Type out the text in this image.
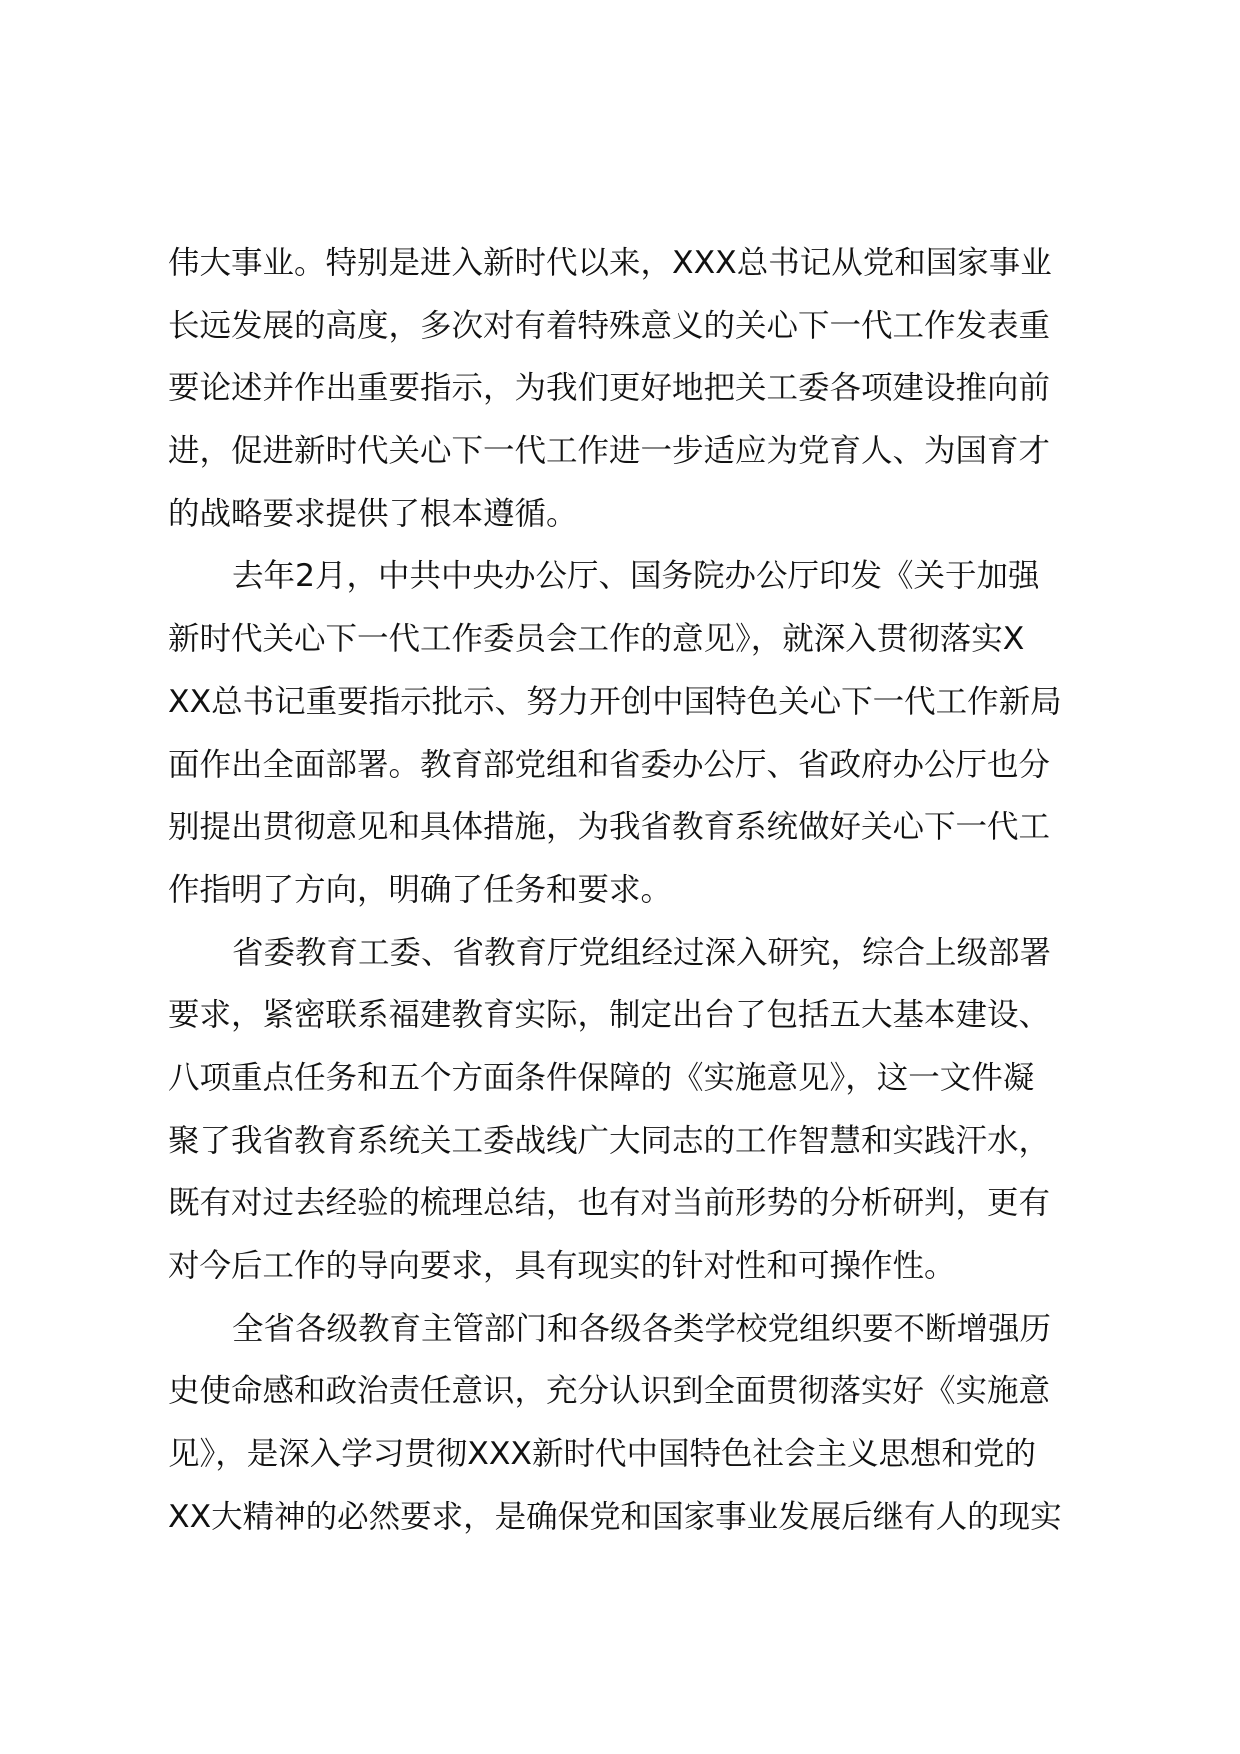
伟大事业。特别是进入新时代以来，XXX总书记从党和国家事业
长远发展的高度，多次对有着特殊意义的关心下一代工作发表重
要论述并作出重要指示，为我们更好地把关工委各项建设推向前
进，促进新时代关心下一代工作进一步适应为党育人、为国育才
的战略要求提供了根本遵循。
去年2月，中共中央办公厅、国务院办公厅印发《关于加强
新时代关心下一代工作委员会工作的意见》，就深入贯彻落实X
XX总书记重要指示批示、努力开创中国特色关心下一代工作新局
面作出全面部署。教育部党组和省委办公厅、省政府办公厅也分
别提出贯彻意见和具体措施，为我省教育系统做好关心下一代工
作指明了方向，明确了任务和要求。
省委教育工委、省教育厅党组经过深入研究，综合上级部署
要求，紧密联系福建教育实际，制定出台了包括五大基本建设、
八项重点任务和五个方面条件保障的《实施意见》，这一文件凝
聚了我省教育系统关工委战线广大同志的工作智慧和实践汗水，
既有对过去经验的梳理总结，也有对当前形势的分析研判，更有
对今后工作的导向要求，具有现实的针对性和可操作性。
全省各级教育主管部门和各级各类学校党组织要不断增强历
史使命感和政治责任意识，充分认识到全面贯彻落实好《实施意
见》，是深入学习贯彻XXX新时代中国特色社会主义思想和党的
XX大精神的必然要求，是确保党和国家事业发展后继有人的现实
